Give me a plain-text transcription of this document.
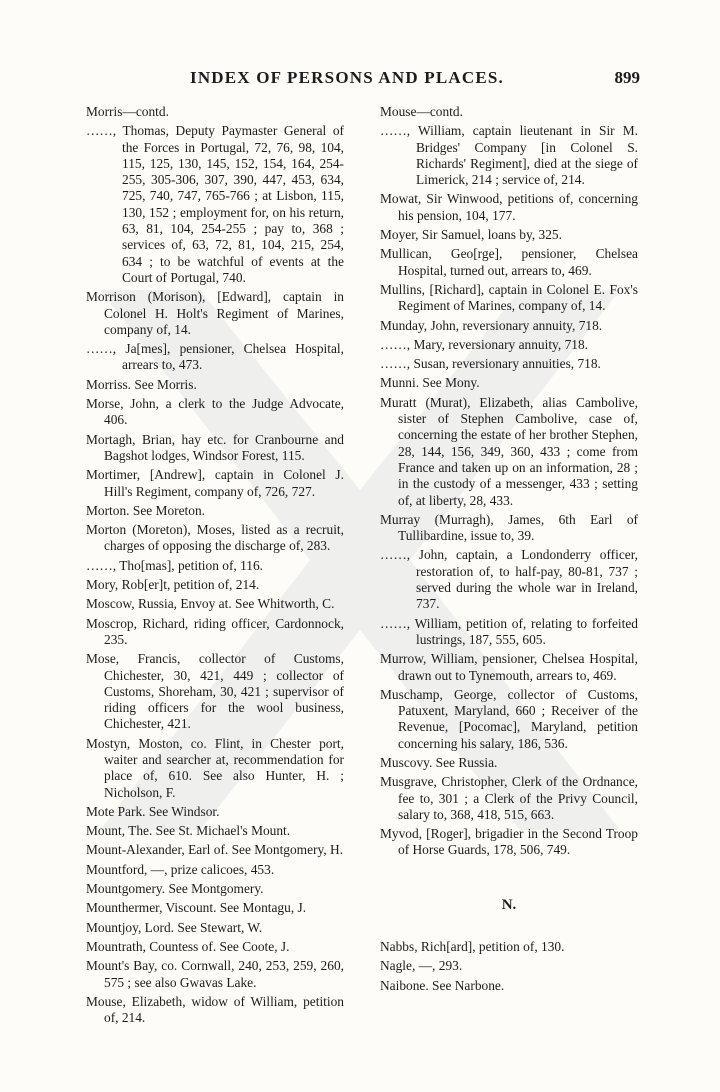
INDEX OF PERSONS AND PLACES.	899

Morris—contd.

……, Thomas, Deputy Paymaster General of the Forces in Portugal, 72, 76, 98, 104, 115, 125, 130, 145, 152, 154, 164, 254-255, 305-306, 307, 390, 447, 453, 634, 725, 740, 747, 765-766 ; at Lisbon, 115, 130, 152 ; employment for, on his return, 63, 81, 104, 254-255 ; pay to, 368 ; services of, 63, 72, 81, 104, 215, 254, 634 ; to be watchful of events at the Court of Portugal, 740.

Morrison (Morison), [Edward], captain in Colonel H. Holt's Regiment of Marines, company of, 14.

……, Ja[mes], pensioner, Chelsea Hospital, arrears to, 473.

Morriss. See Morris.

Morse, John, a clerk to the Judge Advocate, 406.

Mortagh, Brian, hay etc. for Cranbourne and Bagshot lodges, Windsor Forest, 115.

Mortimer, [Andrew], captain in Colonel J. Hill's Regiment, company of, 726, 727.

Morton. See Moreton.

Morton (Moreton), Moses, listed as a recruit, charges of opposing the discharge of, 283.

……, Tho[mas], petition of, 116.

Mory, Rob[er]t, petition of, 214.

Moscow, Russia, Envoy at. See Whitworth, C.

Moscrop, Richard, riding officer, Cardonnock, 235.

Mose, Francis, collector of Customs, Chichester, 30, 421, 449 ; collector of Customs, Shoreham, 30, 421 ; supervisor of riding officers for the wool business, Chichester, 421.

Mostyn, Moston, co. Flint, in Chester port, waiter and searcher at, recommendation for place of, 610. See also Hunter, H. ; Nicholson, F.

Mote Park. See Windsor.

Mount, The. See St. Michael's Mount.

Mount-Alexander, Earl of. See Montgomery, H.

Mountford, —, prize calicoes, 453.

Mountgomery. See Montgomery.

Mounthermer, Viscount. See Montagu, J.

Mountjoy, Lord. See Stewart, W.

Mountrath, Countess of. See Coote, J.

Mount's Bay, co. Cornwall, 240, 253, 259, 260, 575 ; see also Gwavas Lake.

Mouse, Elizabeth, widow of William, petition of, 214.

Mouse—contd.

……, William, captain lieutenant in Sir M. Bridges' Company [in Colonel S. Richards' Regiment], died at the siege of Limerick, 214 ; service of, 214.

Mowat, Sir Winwood, petitions of, concerning his pension, 104, 177.

Moyer, Sir Samuel, loans by, 325.

Mullican, Geo[rge], pensioner, Chelsea Hospital, turned out, arrears to, 469.

Mullins, [Richard], captain in Colonel E. Fox's Regiment of Marines, company of, 14.

Munday, John, reversionary annuity, 718.

……, Mary, reversionary annuity, 718.

……, Susan, reversionary annuities, 718.

Munni. See Mony.

Muratt (Murat), Elizabeth, alias Cambolive, sister of Stephen Cambolive, case of, concerning the estate of her brother Stephen, 28, 144, 156, 349, 360, 433 ; come from France and taken up on an information, 28 ; in the custody of a messenger, 433 ; setting of, at liberty, 28, 433.

Murray (Murragh), James, 6th Earl of Tullibardine, issue to, 39.

……, John, captain, a Londonderry officer, restoration of, to half-pay, 80-81, 737 ; served during the whole war in Ireland, 737.

……, William, petition of, relating to forfeited lustrings, 187, 555, 605.

Murrow, William, pensioner, Chelsea Hospital, drawn out to Tynemouth, arrears to, 469.

Muschamp, George, collector of Customs, Patuxent, Maryland, 660 ; Receiver of the Revenue, [Pocomac], Maryland, petition concerning his salary, 186, 536.

Muscovy. See Russia.

Musgrave, Christopher, Clerk of the Ordnance, fee to, 301 ; a Clerk of the Privy Council, salary to, 368, 418, 515, 663.

Myvod, [Roger], brigadier in the Second Troop of Horse Guards, 178, 506, 749.

N.

Nabbs, Rich[ard], petition of, 130.

Nagle, —, 293.

Naibone. See Narbone.
